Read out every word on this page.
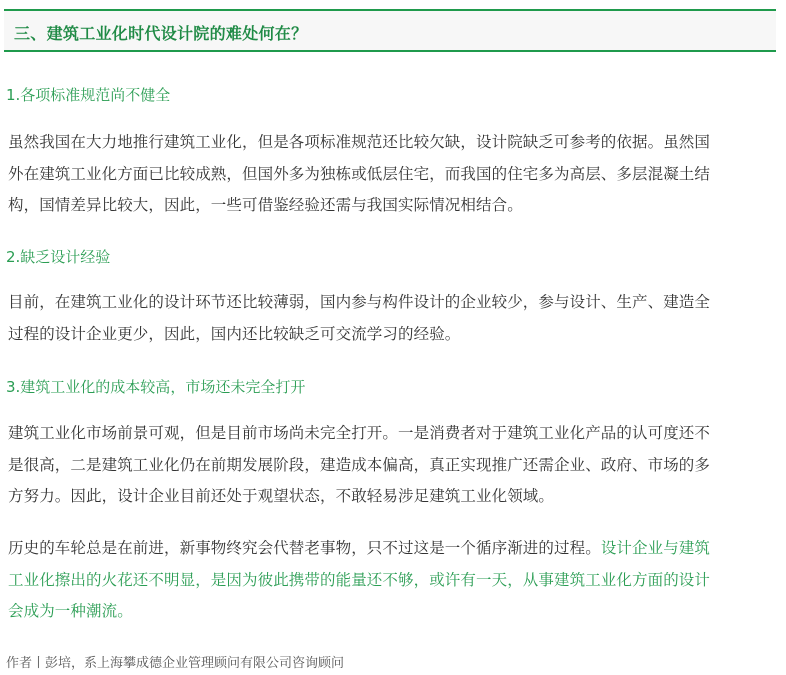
三、建筑工业化时代设计院的难处何在？
1.各项标准规范尚不健全
虽然我国在大力地推行建筑工业化，但是各项标准规范还比较欠缺，设计院缺乏可参考的依据。虽然国
外在建筑工业化方面已比较成熟，但国外多为独栋或低层住宅，而我国的住宅多为高层、多层混凝土结
构，国情差异比较大，因此，一些可借鉴经验还需与我国实际情况相结合。
2.缺乏设计经验
目前，在建筑工业化的设计环节还比较薄弱，国内参与构件设计的企业较少，参与设计、生产、建造全
过程的设计企业更少，因此，国内还比较缺乏可交流学习的经验。
3.建筑工业化的成本较高，市场还未完全打开
建筑工业化市场前景可观，但是目前市场尚未完全打开。一是消费者对于建筑工业化产品的认可度还不
是很高，二是建筑工业化仍在前期发展阶段，建造成本偏高，真正实现推广还需企业、政府、市场的多
方努力。因此，设计企业目前还处于观望状态，不敢轻易涉足建筑工业化领域。
历史的车轮总是在前进，新事物终究会代替老事物，只不过这是一个循序渐进的过程。设计企业与建筑
工业化擦出的火花还不明显，是因为彼此携带的能量还不够，或许有一天，从事建筑工业化方面的设计
会成为一种潮流。
作者丨彭培，系上海攀成德企业管理顾问有限公司咨询顾问
